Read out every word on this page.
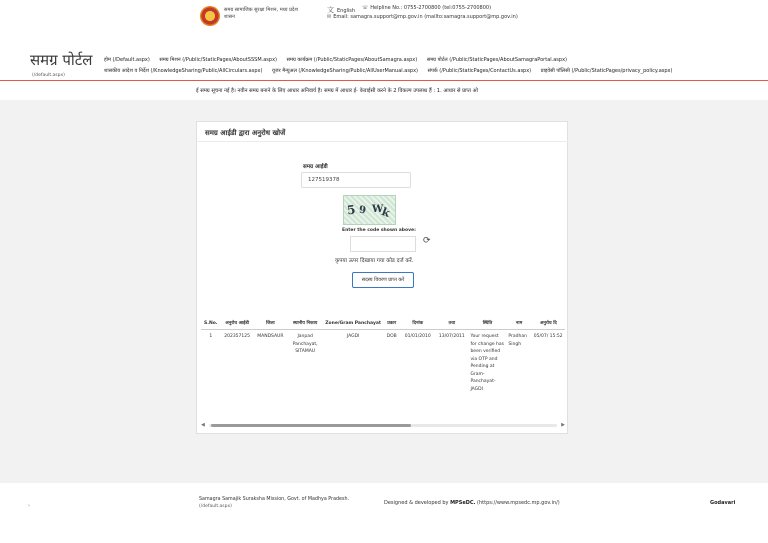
समग्र सामाजिक सुरक्षा मिशन, मध्य प्रदेश
शासन
文 English ☏ Helpline No.: 0755-2700800 (tel:0755-2700800)
✉ Email: samagra.support@mp.gov.in (mailto:samagra.support@mp.gov.in)
समग्र पोर्टल
(/default.aspx)
होम (/Default.aspx) समग्र मिशन (/Public/StaticPages/AboutSSSM.aspx) समग्र कार्यक्रम (/Public/StaticPages/AboutSamagra.aspx) समग्र पोर्टल (/Public/StaticPages/AboutSamagraPortal.aspx)
शासकीय आदेश व निर्देश (/KnowledgeSharing/Public/AllCirculars.aspx) यूजर मैन्युअल (/KnowledgeSharing/Public/AllUserManual.aspx) संपर्क (/Public/StaticPages/ContactUs.aspx) प्राइवेसी पॉलिसी (/Public/StaticPages/privacy_policy.aspx)
ई समग्र सूचना नई है। नवीन समग्र बनाने के लिए आधार अनिवार्य है। समग्र में आधार ई- केवाईसी करने के 2 विकल्प उपलब्ध हैं : 1. आधार से प्राप्त ओ
समग्र आईडी द्वारा अनुरोध खोजें
समग्र आईडी
127519378
5 9 W
k
Enter the code shown above:
⟳
कृपया ऊपर दिखाया गया कोड दर्ज करें.
सदस्य विवरण प्राप्त करें
S.No.	अनुरोध आईडी	जिला	स्थानीय निकाय	Zone/Gram Panchayat	प्रकार	दिनांक	तथा	स्थिति	नाम	अनुरोध दि
1	202357125	MANDSAUR	Janpad Panchayat, SITAMAU	JAGDI	DOB	01/01/2010	13/07/2011	Your request for change has been verified via OTP and Pending at Gram-Panchayat-JAGDI	Pradhan Singh	05/07/ 15:52
◀	▶
›
Samagra Samajik Suraksha Mission, Govt. of Madhya Pradesh.
(/default.aspx)
Designed & developed by MPSeDC. (https://www.mpsedc.mp.gov.in/)	Godavari
